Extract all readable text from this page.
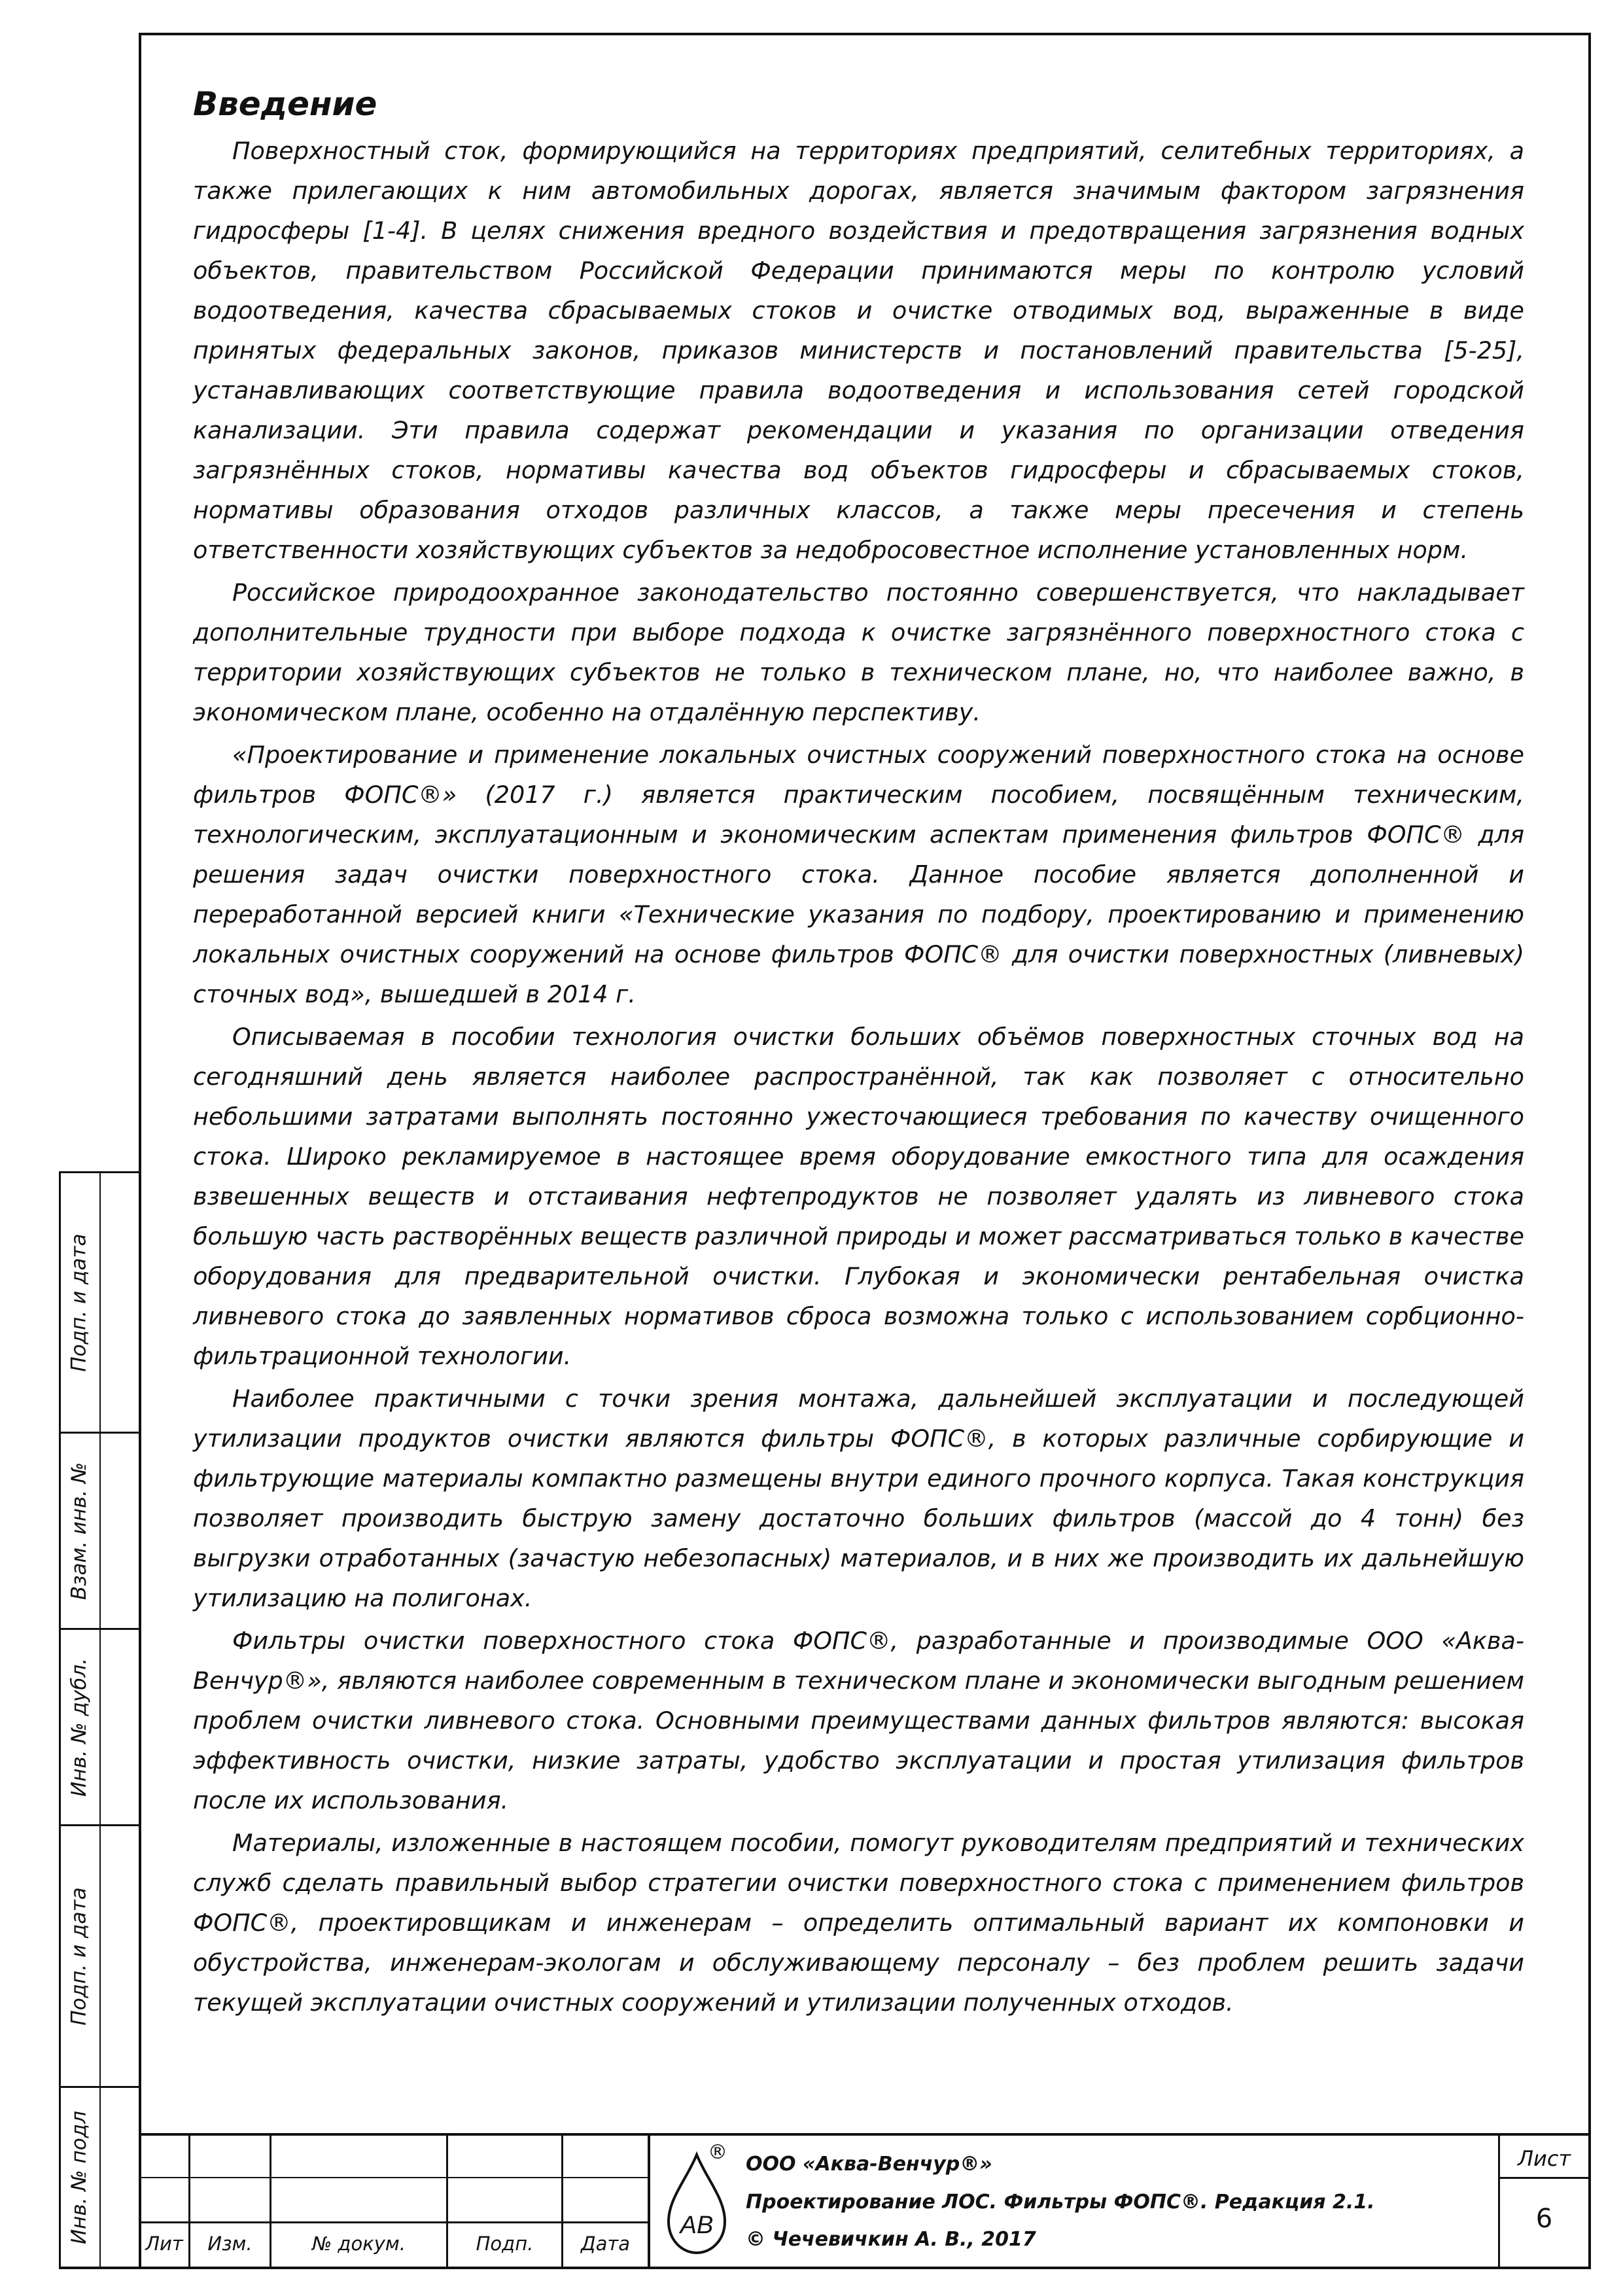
Подп. и дата
Взам. инв. №
Инв. № дубл.
Подп. и дата
Инв. № подл
Введение

Поверхностный сток, формирующийся на территориях предприятий, селитебных территориях, а также прилегающих к ним автомобильных дорогах, является значимым фактором загрязнения гидросферы [1-4]. В целях снижения вредного воздействия и предотвращения загрязнения водных объектов, правительством Российской Федерации принимаются меры по контролю условий водоотведения, качества сбрасываемых стоков и очистке отводимых вод, выраженные в виде принятых федеральных законов, приказов министерств и постановлений правительства [5-25], устанавливающих соответствующие правила водоотведения и использования сетей городской канализации. Эти правила содержат рекомендации и указания по организации отведения загрязнённых стоков, нормативы качества вод объектов гидросферы и сбрасываемых стоков, нормативы образования отходов различных классов, а также меры пресечения и степень ответственности хозяйствующих субъектов за недобросовестное исполнение установленных норм.

Российское природоохранное законодательство постоянно совершенствуется, что накладывает дополнительные трудности при выборе подхода к очистке загрязнённого поверхностного стока с территории хозяйствующих субъектов не только в техническом плане, но, что наиболее важно, в экономическом плане, особенно на отдалённую перспективу.

«Проектирование и применение локальных очистных сооружений поверхностного стока на основе фильтров ФОПС®» (2017 г.) является практическим пособием, посвящённым техническим, технологическим, эксплуатационным и экономическим аспектам применения фильтров ФОПС® для решения задач очистки поверхностного стока. Данное пособие является дополненной и переработанной версией книги «Технические указания по подбору, проектированию и применению локальных очистных сооружений на основе фильтров ФОПС® для очистки поверхностных (ливневых) сточных вод», вышедшей в 2014 г.

Описываемая в пособии технология очистки больших объёмов поверхностных сточных вод на сегодняшний день является наиболее распространённой, так как позволяет с относительно небольшими затратами выполнять постоянно ужесточающиеся требования по качеству очищенного стока. Широко рекламируемое в настоящее время оборудование емкостного типа для осаждения взвешенных веществ и отстаивания нефтепродуктов не позволяет удалять из ливневого стока большую часть растворённых веществ различной природы и может рассматриваться только в качестве оборудования для предварительной очистки. Глубокая и экономически рентабельная очистка ливневого стока до заявленных нормативов сброса возможна только с использованием сорбционно-фильтрационной технологии.

Наиболее практичными с точки зрения монтажа, дальнейшей эксплуатации и последующей утилизации продуктов очистки являются фильтры ФОПС®, в которых различные сорбирующие и фильтрующие материалы компактно размещены внутри единого прочного корпуса. Такая конструкция позволяет производить быструю замену достаточно больших фильтров (массой до 4 тонн) без выгрузки отработанных (зачастую небезопасных) материалов, и в них же производить их дальнейшую утилизацию на полигонах.

Фильтры очистки поверхностного стока ФОПС®, разработанные и производимые ООО «Аква-Венчур®», являются наиболее современным в техническом плане и экономически выгодным решением проблем очистки ливневого стока. Основными преимуществами данных фильтров являются: высокая эффективность очистки, низкие затраты, удобство эксплуатации и простая утилизация фильтров после их использования.

Материалы, изложенные в настоящем пособии, помогут руководителям предприятий и технических служб сделать правильный выбор стратегии очистки поверхностного стока с применением фильтров ФОПС®, проектировщикам и инженерам – определить оптимальный вариант их компоновки и обустройства, инженерам-экологам и обслуживающему персоналу – без проблем решить задачи текущей эксплуатации очистных сооружений и утилизации полученных отходов.

Лит	Изм.	№ докум.	Подп.	Дата
АВ
®
ООО «Аква-Венчур®»
Проектирование ЛОС. Фильтры ФОПС®. Редакция 2.1.
© Чечевичкин А. В., 2017
Лист
6
